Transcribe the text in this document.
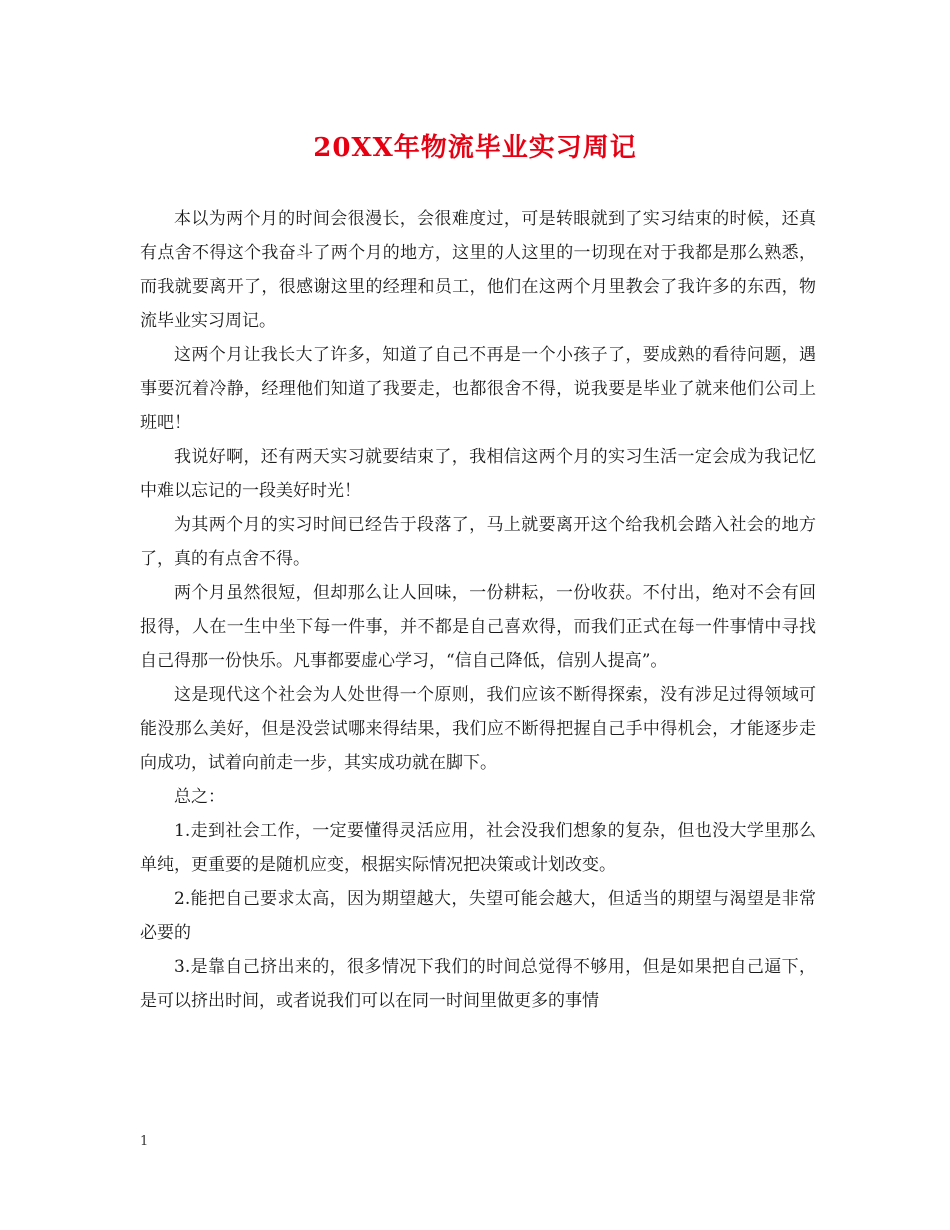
20XX年物流毕业实习周记

本以为两个月的时间会很漫长，会很难度过，可是转眼就到了实习结束的时候，还真有点舍不得这个我奋斗了两个月的地方，这里的人这里的一切现在对于我都是那么熟悉，而我就要离开了，很感谢这里的经理和员工，他们在这两个月里教会了我许多的东西，物流毕业实习周记。

这两个月让我长大了许多，知道了自己不再是一个小孩子了，要成熟的看待问题，遇事要沉着冷静，经理他们知道了我要走，也都很舍不得，说我要是毕业了就来他们公司上班吧！

我说好啊，还有两天实习就要结束了，我相信这两个月的实习生活一定会成为我记忆中难以忘记的一段美好时光！

为其两个月的实习时间已经告于段落了，马上就要离开这个给我机会踏入社会的地方了，真的有点舍不得。

两个月虽然很短，但却那么让人回味，一份耕耘，一份收获。不付出，绝对不会有回报得，人在一生中坐下每一件事，并不都是自己喜欢得，而我们正式在每一件事情中寻找自己得那一份快乐。凡事都要虚心学习，“信自己降低，信别人提高”。

这是现代这个社会为人处世得一个原则，我们应该不断得探索，没有涉足过得领域可能没那么美好，但是没尝试哪来得结果，我们应不断得把握自己手中得机会，才能逐步走向成功，试着向前走一步，其实成功就在脚下。

总之：

1.走到社会工作，一定要懂得灵活应用，社会没我们想象的复杂，但也没大学里那么单纯，更重要的是随机应变，根据实际情况把决策或计划改变。

2.能把自己要求太高，因为期望越大，失望可能会越大，但适当的期望与渴望是非常必要的

3.是靠自己挤出来的，很多情况下我们的时间总觉得不够用，但是如果把自己逼下，是可以挤出时间，或者说我们可以在同一时间里做更多的事情

1
